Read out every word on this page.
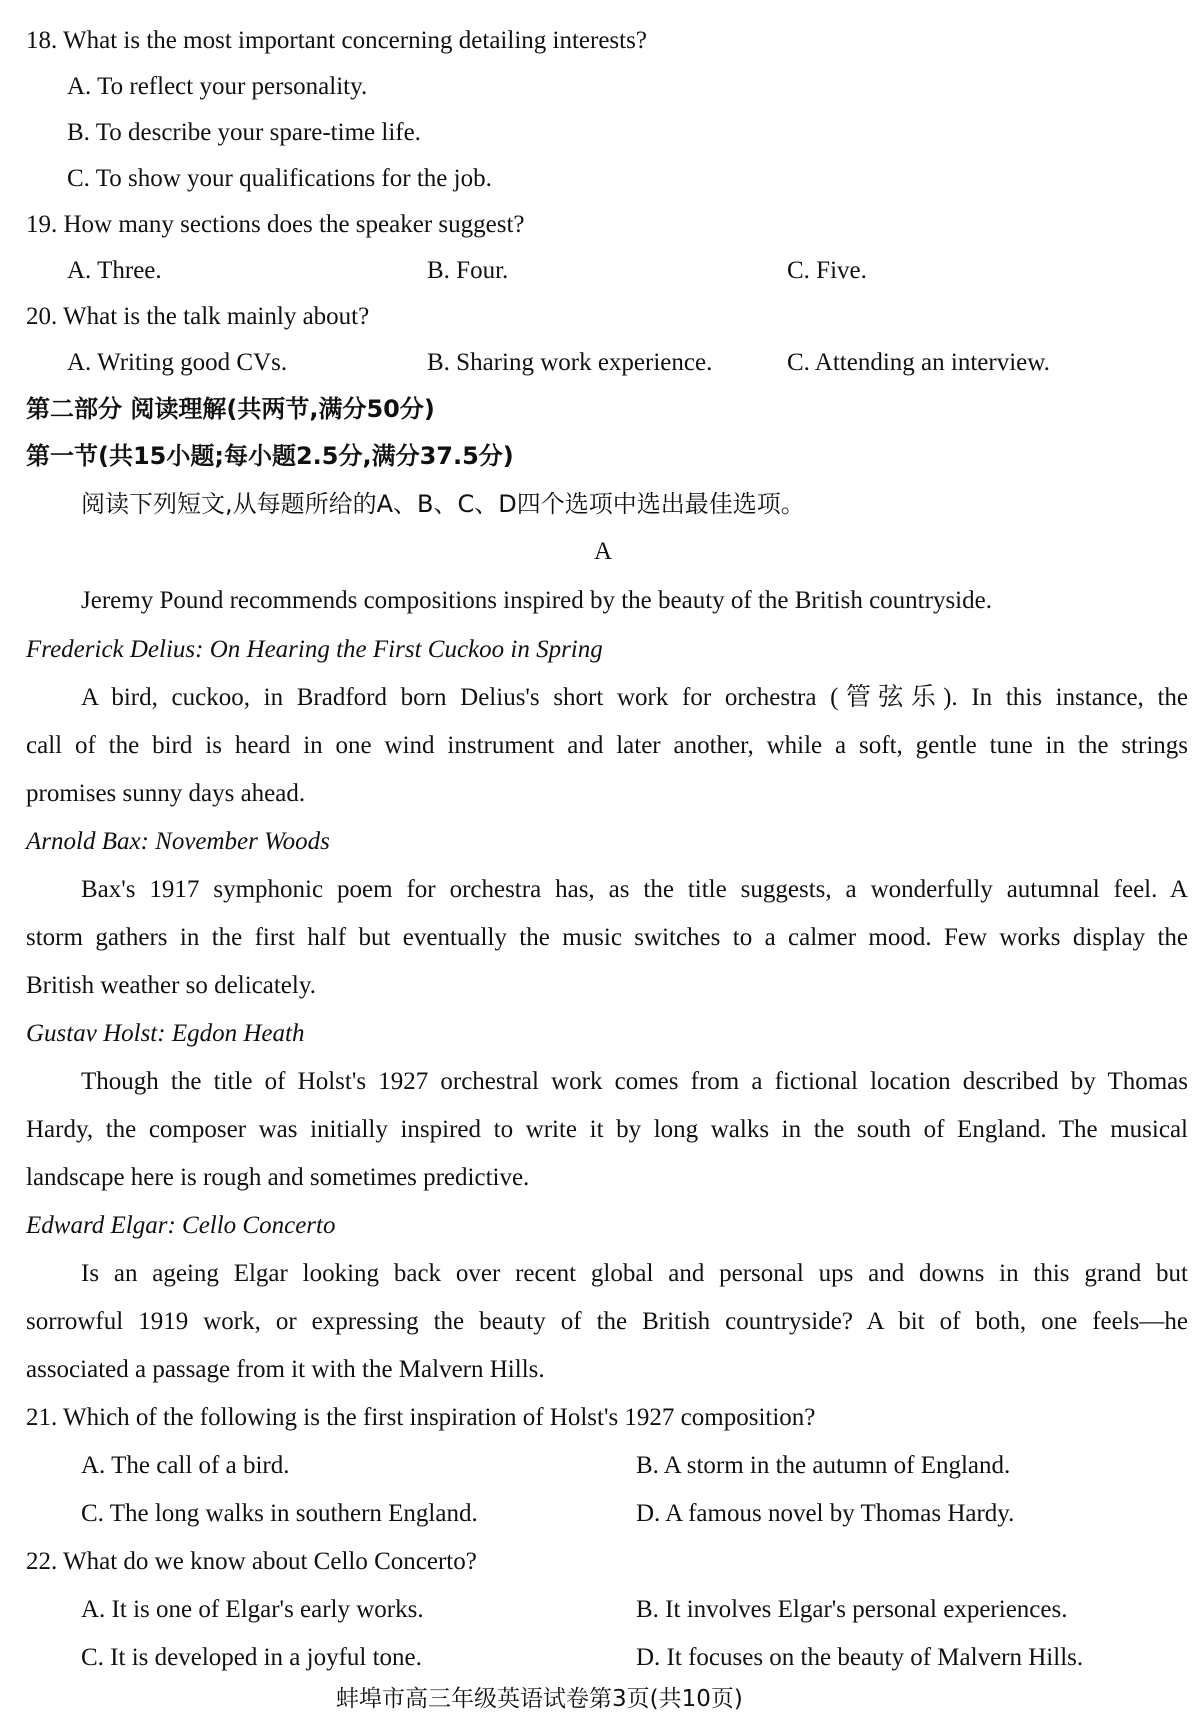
18. What is the most important concerning detailing interests?
A. To reflect your personality.
B. To describe your spare-time life.
C. To show your qualifications for the job.
19. How many sections does the speaker suggest?
A. Three.	B. Four.	C. Five.
20. What is the talk mainly about?
A. Writing good CVs.	B. Sharing work experience.	C. Attending an interview.
第二部分 阅读理解(共两节,满分50分)
第一节(共15小题;每小题2.5分,满分37.5分)
阅读下列短文,从每题所给的A、B、C、D四个选项中选出最佳选项。
A
Jeremy Pound recommends compositions inspired by the beauty of the British countryside.
Frederick Delius: On Hearing the First Cuckoo in Spring
A bird, cuckoo, in Bradford born Delius's short work for orchestra (管弦乐). In this instance, the
call of the bird is heard in one wind instrument and later another, while a soft, gentle tune in the strings
promises sunny days ahead.
Arnold Bax: November Woods
Bax's 1917 symphonic poem for orchestra has, as the title suggests, a wonderfully autumnal feel. A
storm gathers in the first half but eventually the music switches to a calmer mood. Few works display the
British weather so delicately.
Gustav Holst: Egdon Heath
Though the title of Holst's 1927 orchestral work comes from a fictional location described by Thomas
Hardy, the composer was initially inspired to write it by long walks in the south of England. The musical
landscape here is rough and sometimes predictive.
Edward Elgar: Cello Concerto
Is an ageing Elgar looking back over recent global and personal ups and downs in this grand but
sorrowful 1919 work, or expressing the beauty of the British countryside? A bit of both, one feels—he
associated a passage from it with the Malvern Hills.
21. Which of the following is the first inspiration of Holst's 1927 composition?
A. The call of a bird.	B. A storm in the autumn of England.
C. The long walks in southern England.	D. A famous novel by Thomas Hardy.
22. What do we know about Cello Concerto?
A. It is one of Elgar's early works.	B. It involves Elgar's personal experiences.
C. It is developed in a joyful tone.	D. It focuses on the beauty of Malvern Hills.
蚌埠市高三年级英语试卷第3页(共10页)
